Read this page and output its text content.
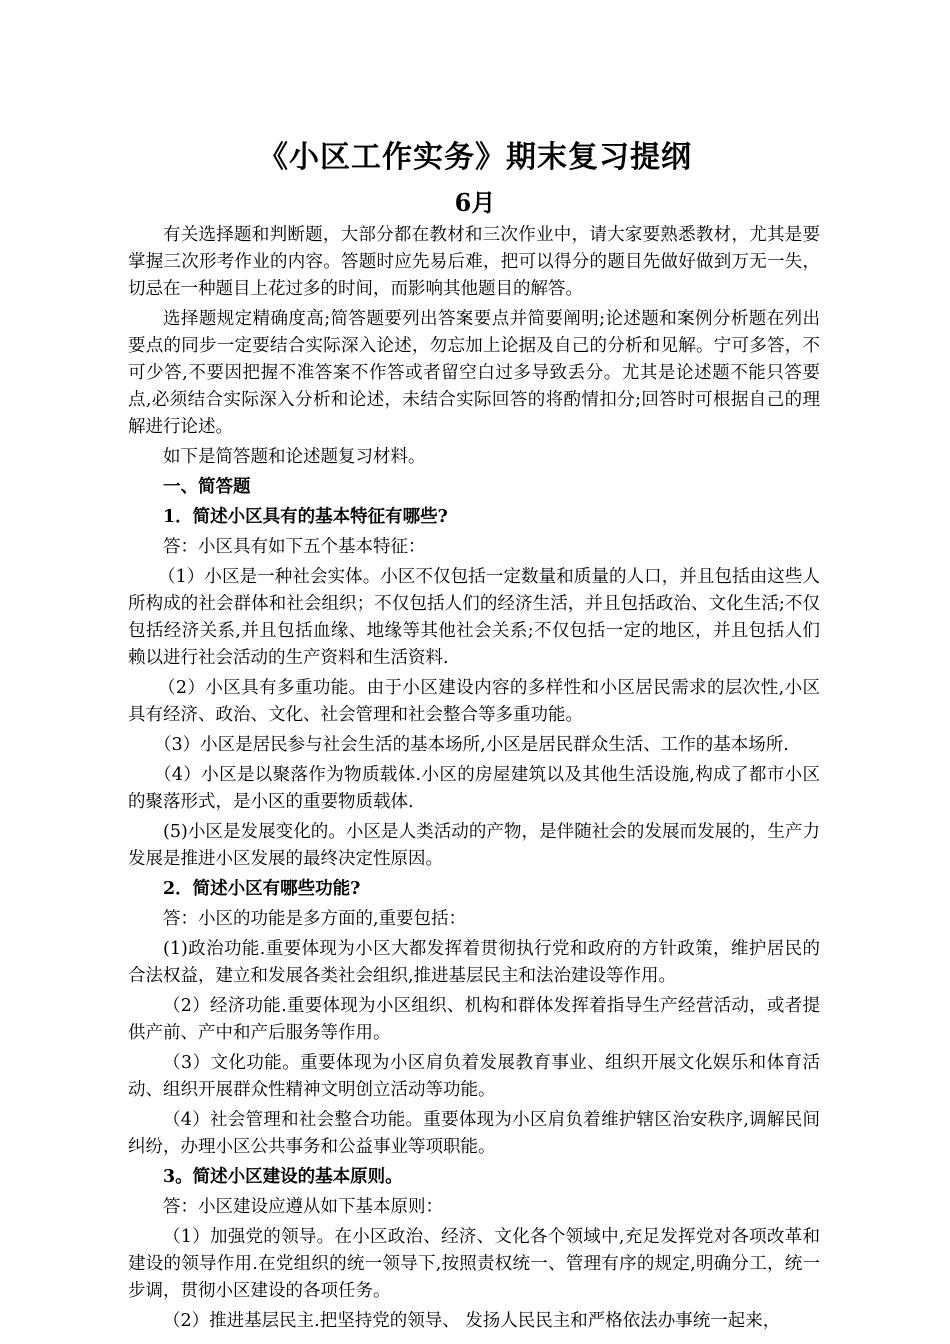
《小区工作实务》期末复习提纲
6月

有关选择题和判断题，大部分都在教材和三次作业中，请大家要熟悉教材，尤其是要掌握三次形考作业的内容。答题时应先易后难，把可以得分的题目先做好做到万无一失，切忌在一种题目上花过多的时间，而影响其他题目的解答。

选择题规定精确度高;简答题要列出答案要点并简要阐明;论述题和案例分析题在列出要点的同步一定要结合实际深入论述，勿忘加上论据及自己的分析和见解。宁可多答，不可少答,不要因把握不准答案不作答或者留空白过多导致丢分。尤其是论述题不能只答要点,必须结合实际深入分析和论述，未结合实际回答的将酌情扣分;回答时可根据自己的理解进行论述。

如下是简答题和论述题复习材料。

一、简答题

1．简述小区具有的基本特征有哪些?

答：小区具有如下五个基本特征：

（1）小区是一种社会实体。小区不仅包括一定数量和质量的人口，并且包括由这些人所构成的社会群体和社会组织；不仅包括人们的经济生活，并且包括政治、文化生活;不仅包括经济关系,并且包括血缘、地缘等其他社会关系;不仅包括一定的地区，并且包括人们赖以进行社会活动的生产资料和生活资料.

（2）小区具有多重功能。由于小区建设内容的多样性和小区居民需求的层次性,小区具有经济、政治、文化、社会管理和社会整合等多重功能。

（3）小区是居民参与社会生活的基本场所,小区是居民群众生活、工作的基本场所.

（4）小区是以聚落作为物质载体.小区的房屋建筑以及其他生活设施,构成了都市小区的聚落形式，是小区的重要物质载体.

(5)小区是发展变化的。小区是人类活动的产物，是伴随社会的发展而发展的，生产力发展是推进小区发展的最终决定性原因。

2．简述小区有哪些功能?

答：小区的功能是多方面的,重要包括：

(1)政治功能.重要体现为小区大都发挥着贯彻执行党和政府的方针政策，维护居民的合法权益，建立和发展各类社会组织,推进基层民主和法治建设等作用。

（2）经济功能.重要体现为小区组织、机构和群体发挥着指导生产经营活动，或者提供产前、产中和产后服务等作用。

（3）文化功能。重要体现为小区肩负着发展教育事业、组织开展文化娱乐和体育活动、组织开展群众性精神文明创立活动等功能。

（4）社会管理和社会整合功能。重要体现为小区肩负着维护辖区治安秩序,调解民间纠纷，办理小区公共事务和公益事业等项职能。

3。简述小区建设的基本原则。

答：小区建设应遵从如下基本原则：

（1）加强党的领导。在小区政治、经济、文化各个领域中,充足发挥党对各项改革和建设的领导作用.在党组织的统一领导下,按照责权统一、管理有序的规定,明确分工，统一步调，贯彻小区建设的各项任务。

（2）推进基层民主.把坚持党的领导、 发扬人民民主和严格依法办事统一起来，
